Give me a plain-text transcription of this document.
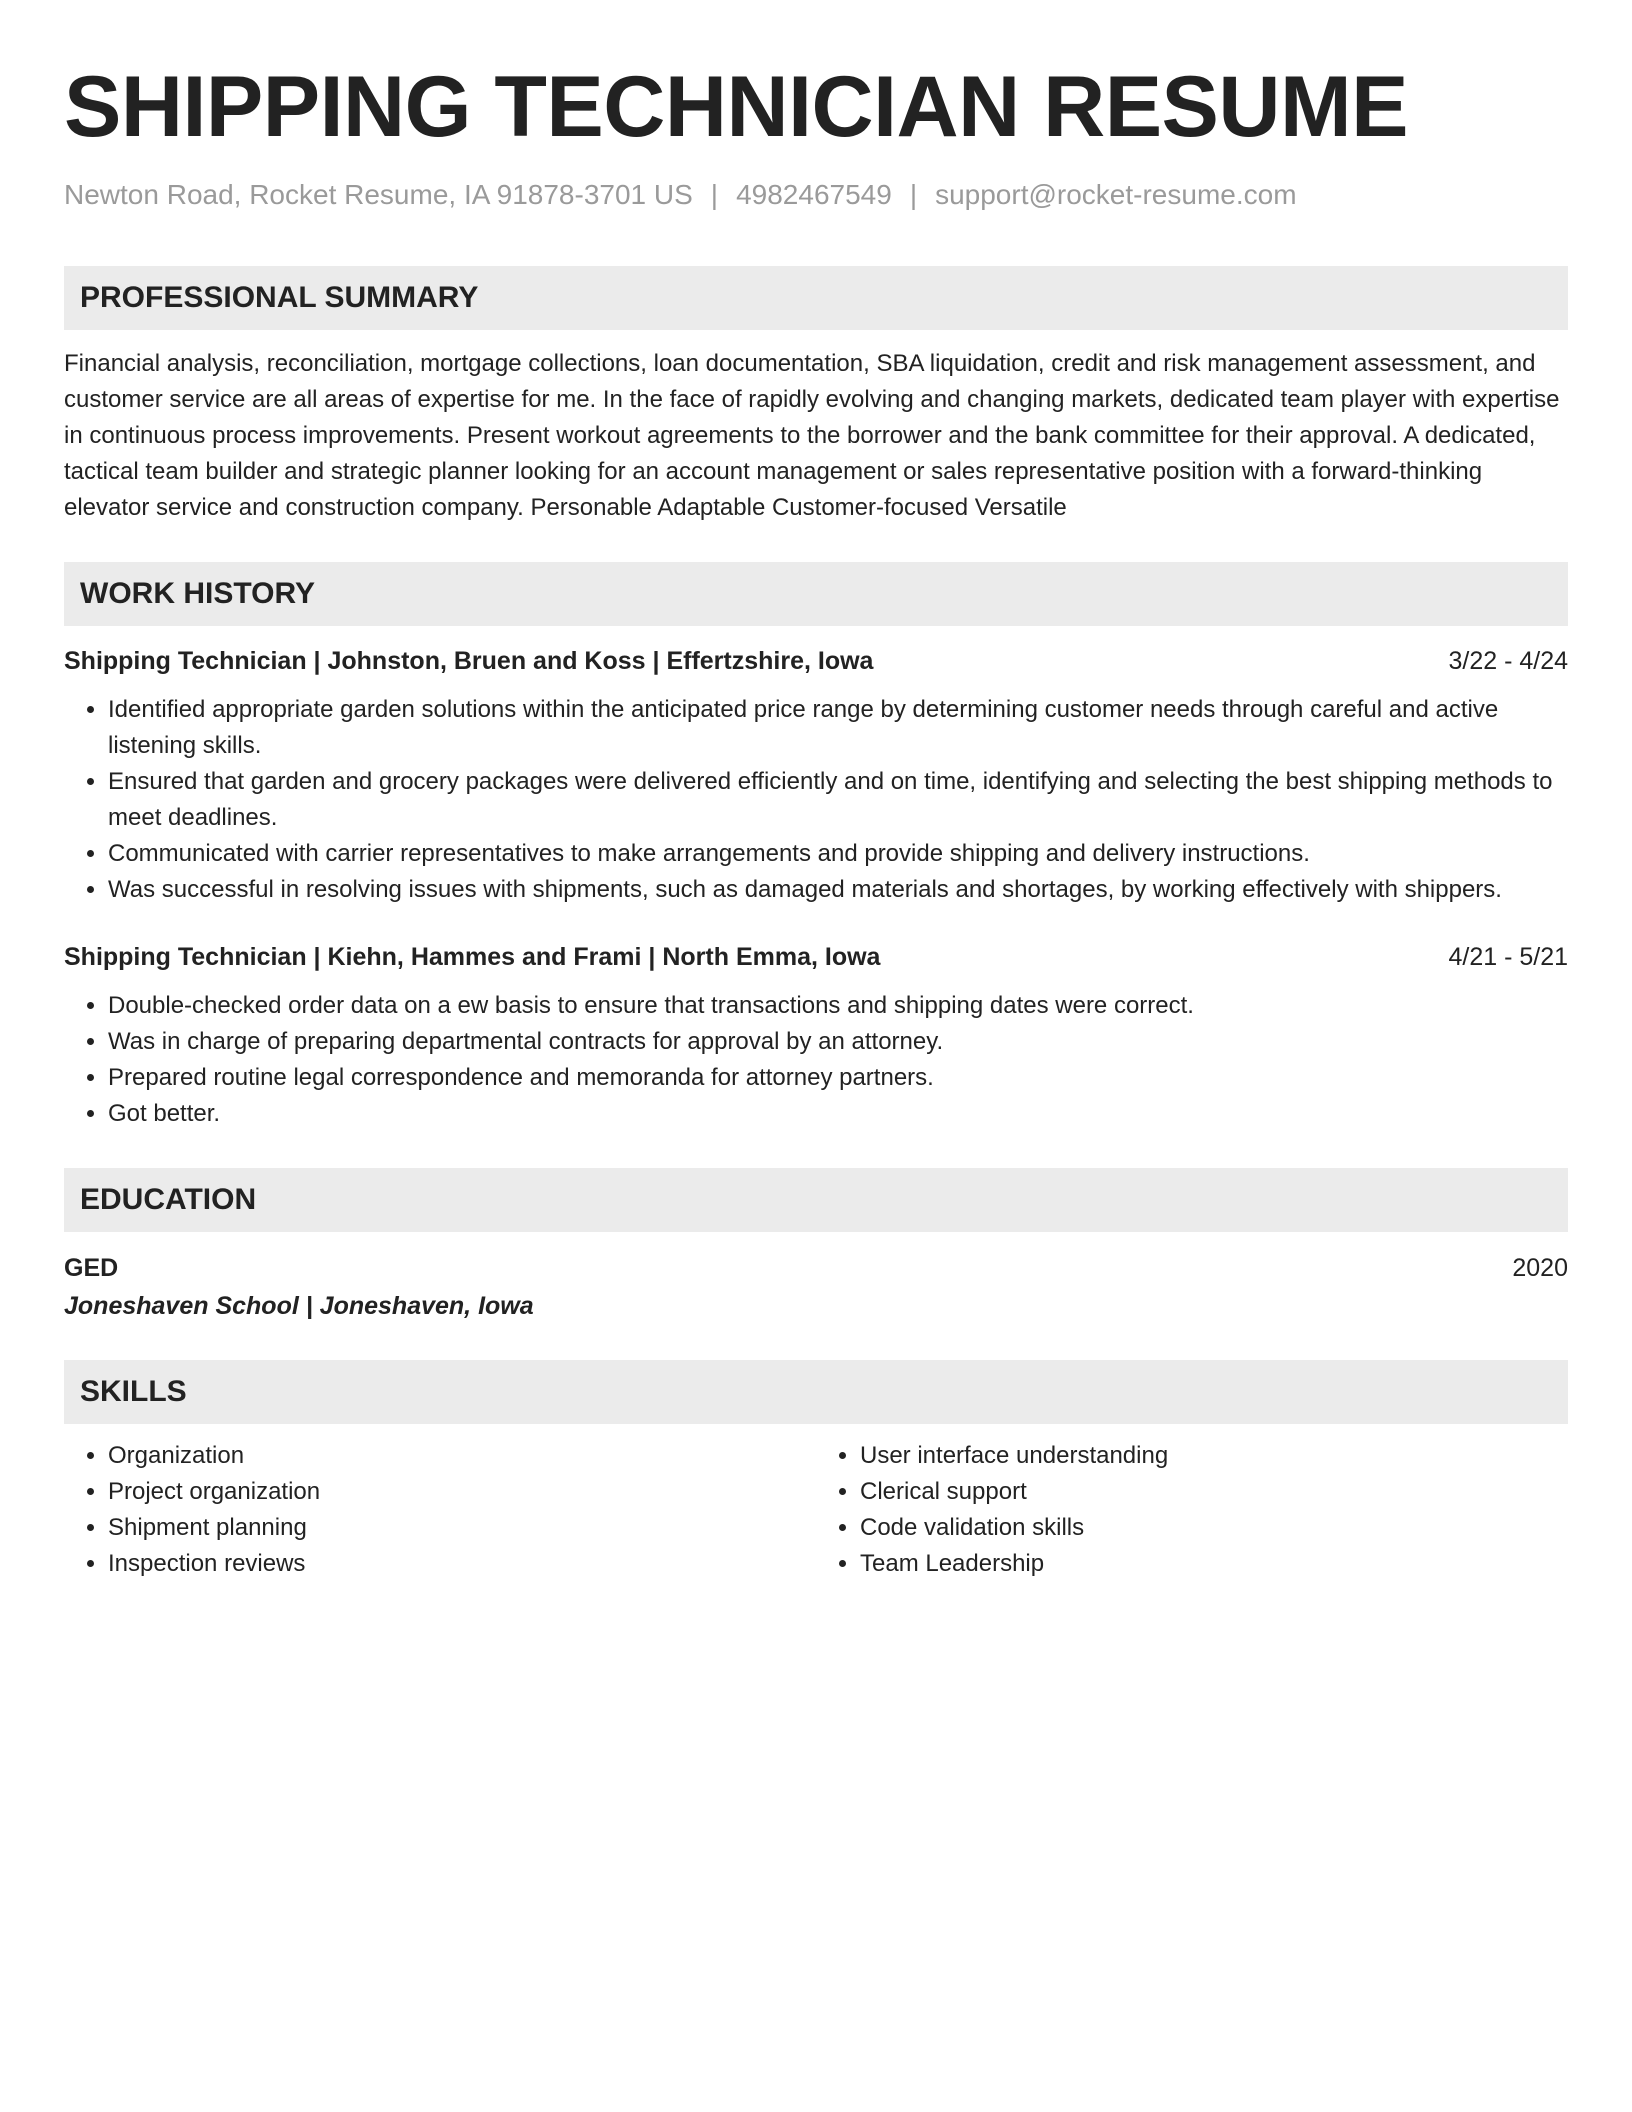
SHIPPING TECHNICIAN RESUME
Newton Road, Rocket Resume, IA 91878-3701 US | 4982467549 | support@rocket-resume.com
PROFESSIONAL SUMMARY
Financial analysis, reconciliation, mortgage collections, loan documentation, SBA liquidation, credit and risk management assessment, and customer service are all areas of expertise for me. In the face of rapidly evolving and changing markets, dedicated team player with expertise in continuous process improvements. Present workout agreements to the borrower and the bank committee for their approval. A dedicated, tactical team builder and strategic planner looking for an account management or sales representative position with a forward-thinking elevator service and construction company. Personable Adaptable Customer-focused Versatile
WORK HISTORY
Shipping Technician | Johnston, Bruen and Koss | Effertzshire, Iowa	3/22 - 4/24
• Identified appropriate garden solutions within the anticipated price range by determining customer needs through careful and active listening skills.
• Ensured that garden and grocery packages were delivered efficiently and on time, identifying and selecting the best shipping methods to meet deadlines.
• Communicated with carrier representatives to make arrangements and provide shipping and delivery instructions.
• Was successful in resolving issues with shipments, such as damaged materials and shortages, by working effectively with shippers.
Shipping Technician | Kiehn, Hammes and Frami | North Emma, Iowa	4/21 - 5/21
• Double-checked order data on a ew basis to ensure that transactions and shipping dates were correct.
• Was in charge of preparing departmental contracts for approval by an attorney.
• Prepared routine legal correspondence and memoranda for attorney partners.
• Got better.
EDUCATION
GED	2020
Joneshaven School | Joneshaven, Iowa
SKILLS
• Organization
• Project organization
• Shipment planning
• Inspection reviews
• User interface understanding
• Clerical support
• Code validation skills
• Team Leadership
